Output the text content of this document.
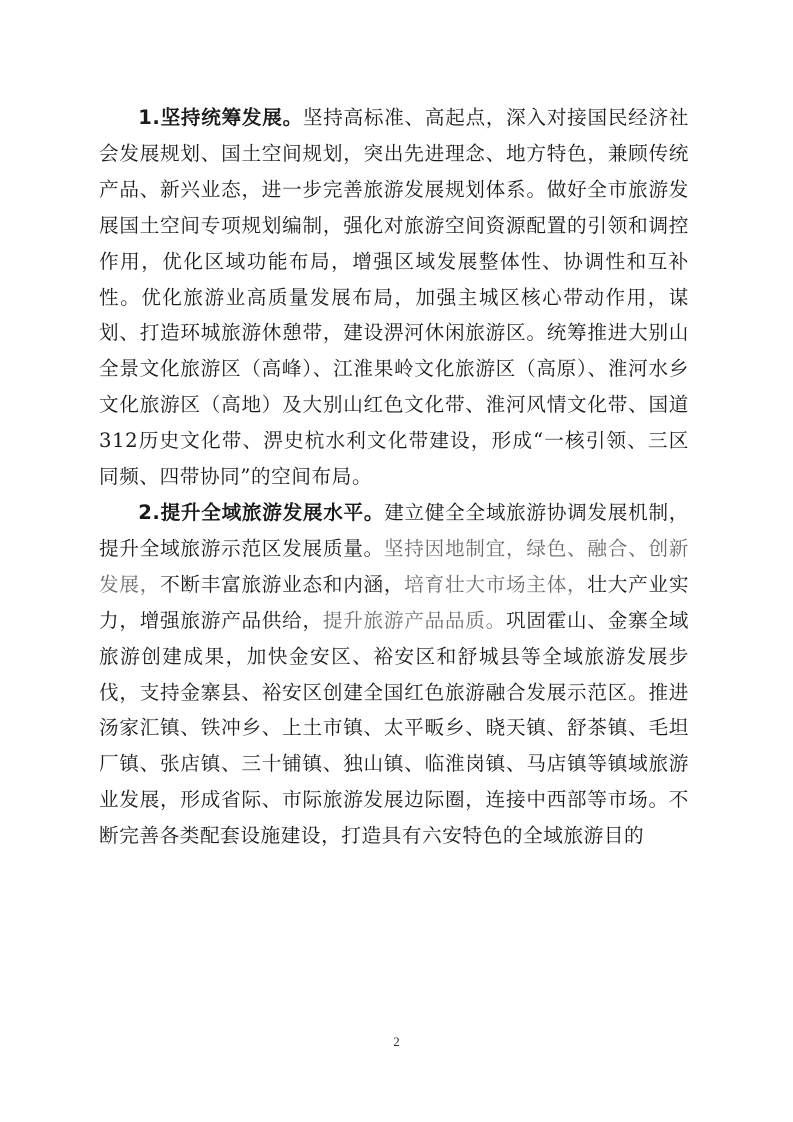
1.坚持统筹发展。坚持高标准、高起点，深入对接国民经济社会发展规划、国土空间规划，突出先进理念、地方特色，兼顾传统产品、新兴业态，进一步完善旅游发展规划体系。做好全市旅游发展国土空间专项规划编制，强化对旅游空间资源配置的引领和调控作用，优化区域功能布局，增强区域发展整体性、协调性和互补性。优化旅游业高质量发展布局，加强主城区核心带动作用，谋划、打造环城旅游休憩带，建设淠河休闲旅游区。统筹推进大别山全景文化旅游区（高峰）、江淮果岭文化旅游区（高原）、淮河水乡文化旅游区（高地）及大别山红色文化带、淮河风情文化带、国道312历史文化带、淠史杭水利文化带建设，形成“一核引领、三区同频、四带协同”的空间布局。

2.提升全域旅游发展水平。建立健全全域旅游协调发展机制，提升全域旅游示范区发展质量。坚持因地制宜，绿色、融合、创新发展，不断丰富旅游业态和内涵，培育壮大市场主体，壮大产业实力，增强旅游产品供给，提升旅游产品品质。巩固霍山、金寨全域旅游创建成果，加快金安区、裕安区和舒城县等全域旅游发展步伐，支持金寨县、裕安区创建全国红色旅游融合发展示范区。推进汤家汇镇、铁冲乡、上土市镇、太平畈乡、晓天镇、舒茶镇、毛坦厂镇、张店镇、三十铺镇、独山镇、临淮岗镇、马店镇等镇域旅游业发展，形成省际、市际旅游发展边际圈，连接中西部等市场。不断完善各类配套设施建设，打造具有六安特色的全域旅游目的

2
